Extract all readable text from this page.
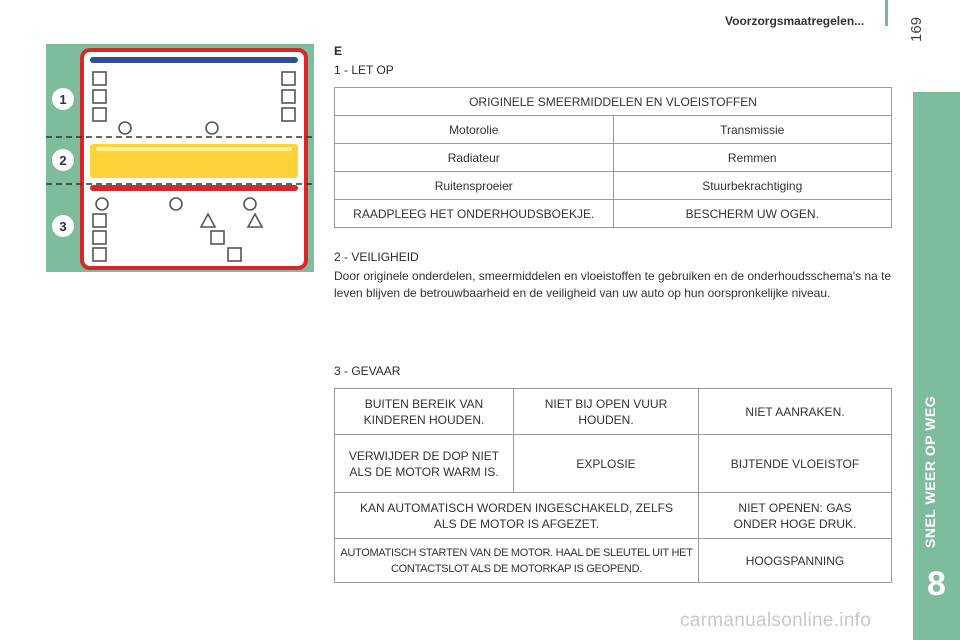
Voorzorgsmaatregelen...	169
SNEL WEER OP WEG
8
1
2
3
E
1 - LET OP
ORIGINELE SMEERMIDDELEN EN VLOEISTOFFEN	
Motorolie	Transmissie
Radiateur	Remmen
Ruitensproeier	Stuurbekrachtiging
RAADPLEEG HET ONDERHOUDSBOEKJE.	BESCHERM UW OGEN.
2 - VEILIGHEID
Door originele onderdelen, smeermiddelen en vloeistoffen te gebruiken en de onderhoudsschema's na te leven blijven de betrouwbaarheid en de veiligheid van uw auto op hun oorspronkelijke niveau.
3 - GEVAAR
BUITEN BEREIK VAN KINDEREN HOUDEN.	NIET BIJ OPEN VUUR HOUDEN.	NIET AANRAKEN.
VERWIJDER DE DOP NIET ALS DE MOTOR WARM IS.	EXPLOSIE	BIJTENDE VLOEISTOF
KAN AUTOMATISCH WORDEN INGESCHAKELD, ZELFS ALS DE MOTOR IS AFGEZET.		NIET OPENEN: GAS ONDER HOGE DRUK.
AUTOMATISCH STARTEN VAN DE MOTOR. HAAL DE SLEUTEL UIT HET CONTACTSLOT ALS DE MOTORKAP IS GEOPEND.		HOOGSPANNING
carmanualsonline.info
